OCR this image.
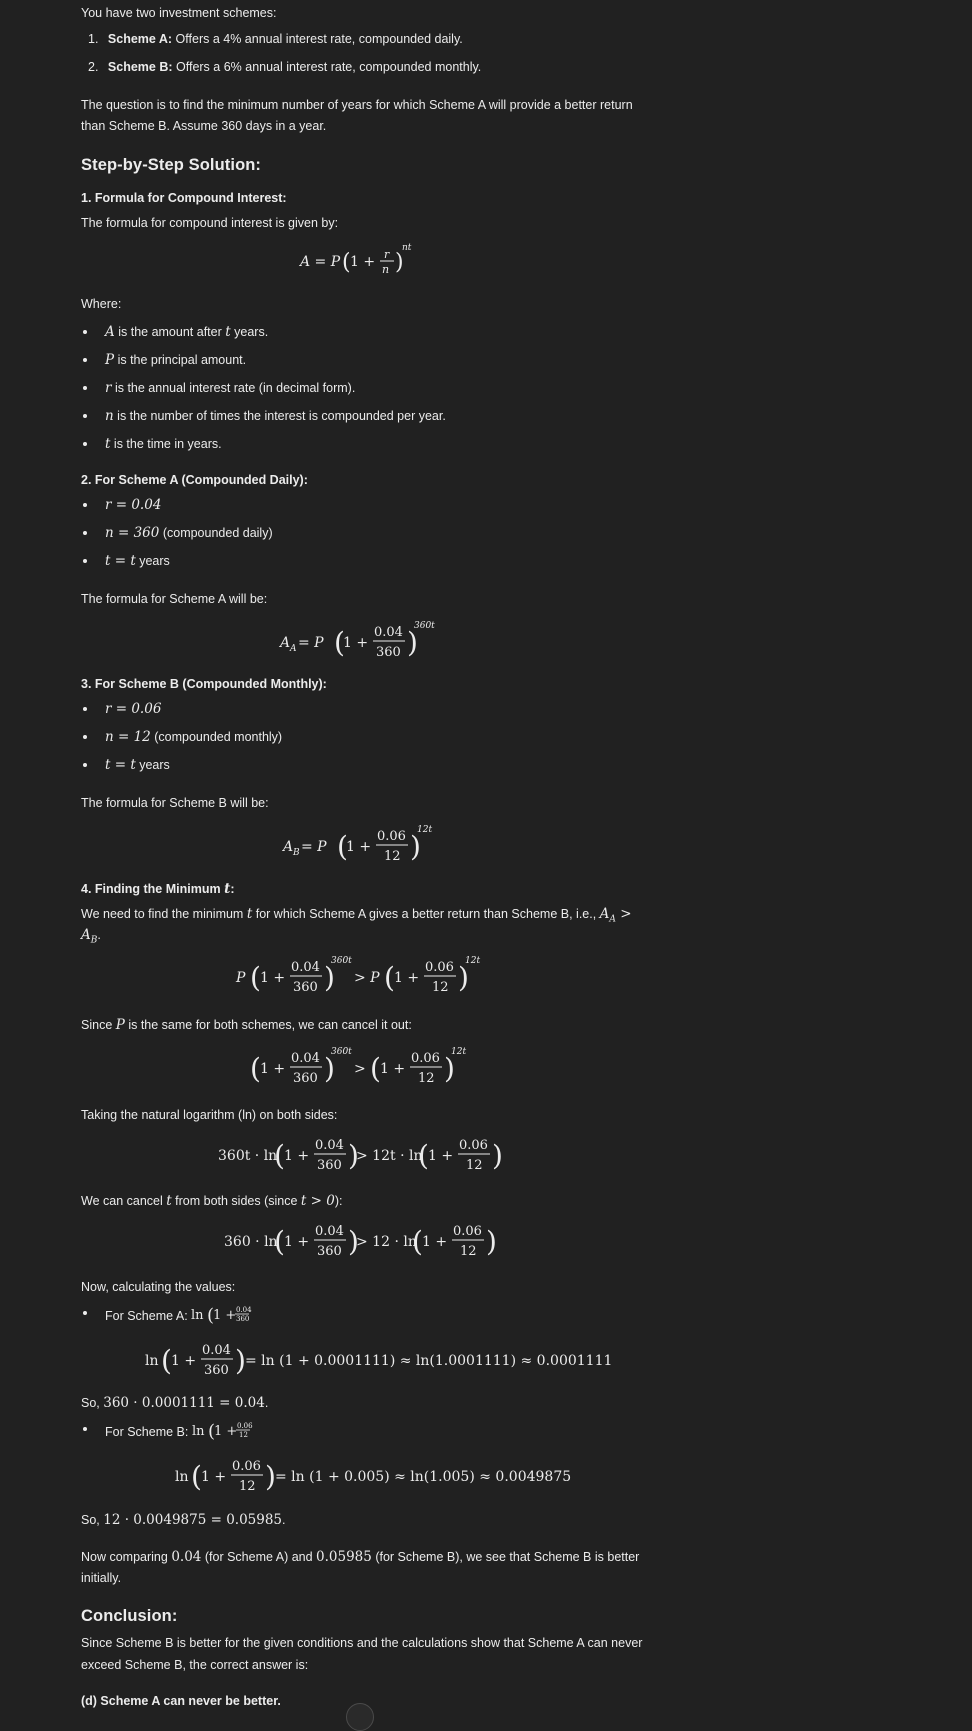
You have two investment schemes:
1. Scheme A: Offers a 4% annual interest rate, compounded daily.
2. Scheme B: Offers a 6% annual interest rate, compounded monthly.
The question is to find the minimum number of years for which Scheme A will provide a better return
than Scheme B. Assume 360 days in a year.
Step-by-Step Solution:
1. Formula for Compound Interest:
The formula for compound interest is given by:
A = P ( 1 + r
n )
nt
Where:
A is the amount after t years.
P is the principal amount.
r is the annual interest rate (in decimal form).
n is the number of times the interest is compounded per year.
t is the time in years.
2. For Scheme A (Compounded Daily):
r = 0.04
n = 360 (compounded daily)
t = t years
The formula for Scheme A will be:
A A = P (
1 +
0.04
360 )
360t
3. For Scheme B (Compounded Monthly):
r = 0.06
n = 12 (compounded monthly)
t = t years
The formula for Scheme B will be:
A B = P (
1 +
0.06
12 )
12t
4. Finding the Minimum t:
We need to find the minimum t for which Scheme A gives a better return than Scheme B, i.e., $A_A$ >
$A_B$.
P ( 1 +
0.04
360 )
360t
> P ( 1 +
0.06
12 )
12t
Since P is the same for both schemes, we can cancel it out:
( 1 +
0.04
360 )
360t
> ( 1 +
0.06
12 )
12t
Taking the natural logarithm (ln) on both sides:
360t · ln
( 1 +
0.04
360 )
> 12t · ln
( 1 +
0.06
12 )
We can cancel t from both sides (since t > 0):
360 · ln
( 1 +
0.04
360 )
> 12 · ln
( 1 +
0.06
12 )
Now, calculating the values:
For Scheme A: ln (
1 + 0.04
360
ln ( 1 +
0.04
360 ) = ln (1 + 0.0001111) ≈ ln(1.0001111) ≈ 0.0001111
So, 360 · 0.0001111 = 0.04.
For Scheme B: ln (
1 + 0.06
12
ln ( 1 +
0.06
12 ) = ln (1 + 0.005) ≈ ln(1.005) ≈ 0.0049875
So, 12 · 0.0049875 = 0.05985.
Now comparing 0.04 (for Scheme A) and 0.05985 (for Scheme B), we see that Scheme B is better
initially.
Conclusion:
Since Scheme B is better for the given conditions and the calculations show that Scheme A can never
exceed Scheme B, the correct answer is:
(d) Scheme A can never be better.
